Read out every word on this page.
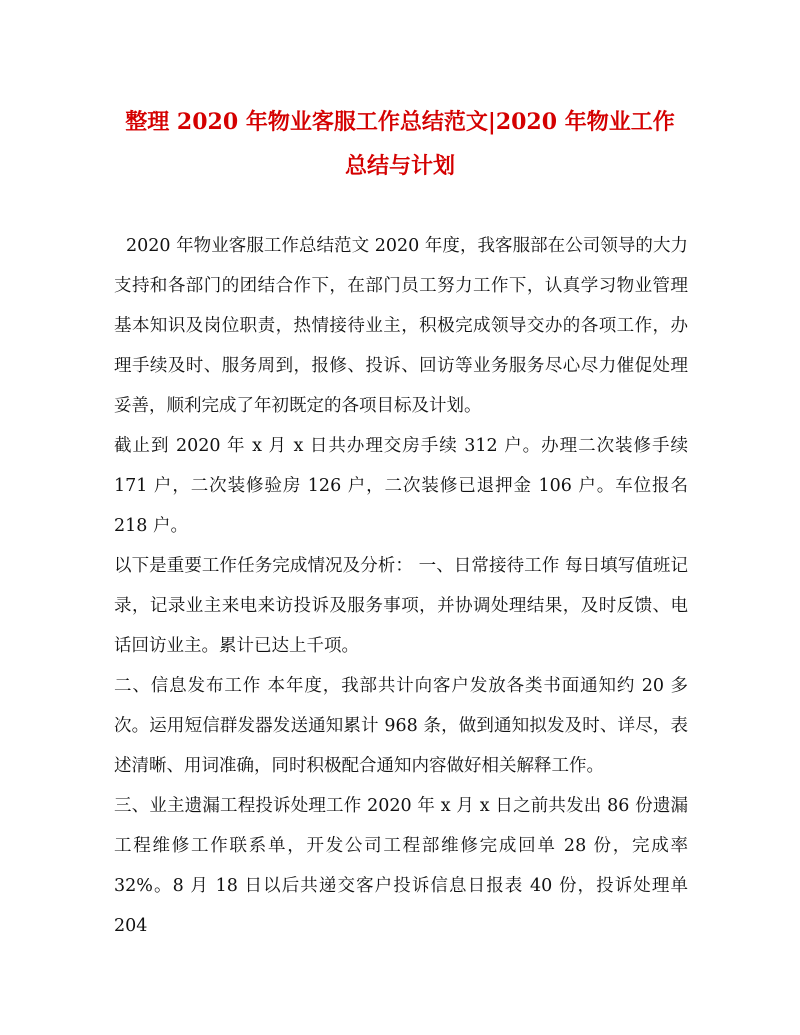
整理 2020 年物业客服工作总结范文|2020 年物业工作
总结与计划

2020 年物业客服工作总结范文 2020 年度，我客服部在公司领导的大力支持和各部门的团结合作下，在部门员工努力工作下，认真学习物业管理基本知识及岗位职责，热情接待业主，积极完成领导交办的各项工作，办理手续及时、服务周到，报修、投诉、回访等业务服务尽心尽力催促处理妥善，顺利完成了年初既定的各项目标及计划。

截止到 2020 年 x 月 x 日共办理交房手续 312 户。办理二次装修手续 171 户，二次装修验房 126 户，二次装修已退押金 106 户。车位报名 218 户。

以下是重要工作任务完成情况及分析： 一、日常接待工作 每日填写值班记录，记录业主来电来访投诉及服务事项，并协调处理结果，及时反馈、电话回访业主。累计已达上千项。

二、信息发布工作 本年度，我部共计向客户发放各类书面通知约 20 多次。运用短信群发器发送通知累计 968 条，做到通知拟发及时、详尽，表述清晰、用词准确，同时积极配合通知内容做好相关解释工作。

三、业主遗漏工程投诉处理工作 2020 年 x 月 x 日之前共发出 86 份遗漏工程维修工作联系单，开发公司工程部维修完成回单 28 份，完成率 32%。8 月 18 日以后共递交客户投诉信息日报表 40 份，投诉处理单 204
